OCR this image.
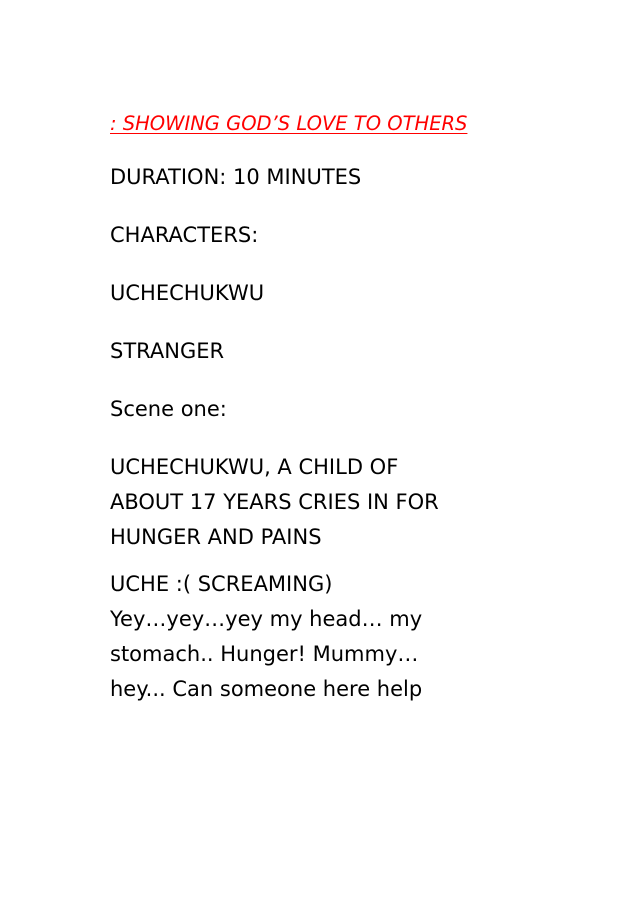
: SHOWING GOD’S LOVE TO OTHERS

DURATION: 10 MINUTES

CHARACTERS:

UCHECHUKWU

STRANGER

Scene one:

UCHECHUKWU, A CHILD OF

ABOUT 17 YEARS CRIES IN FOR

HUNGER AND PAINS

UCHE :( SCREAMING)

Yey…yey…yey my head… my

stomach.. Hunger! Mummy…

hey... Can someone here help
